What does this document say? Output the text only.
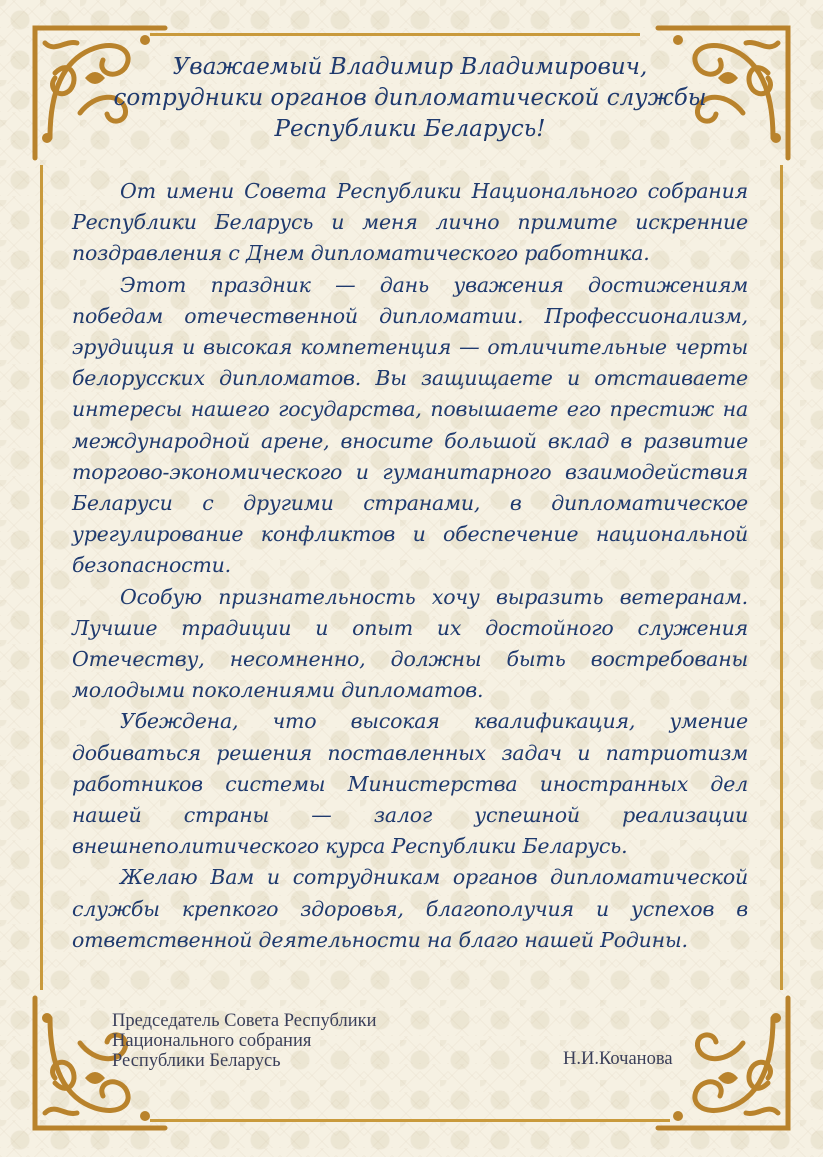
Уважаемый Владимир Владимирович,
сотрудники органов дипломатической службы
Республики Беларусь!

От имени Совета Республики Национального собрания Республики Беларусь и меня лично примите искренние поздравления с Днем дипломатического работника.

Этот праздник — дань уважения достижениям победам отечественной дипломатии. Профессионализм, эрудиция и высокая компетенция — отличительные черты белорусских дипломатов. Вы защищаете и отстаиваете интересы нашего государства, повышаете его престиж на международной арене, вносите большой вклад в развитие торгово-экономического и гуманитарного взаимодействия Беларуси с другими странами, в дипломатическое урегулирование конфликтов и обеспечение национальной безопасности.

Особую признательность хочу выразить ветеранам. Лучшие традиции и опыт их достойного служения Отечеству, несомненно, должны быть востребованы молодыми поколениями дипломатов.

Убеждена, что высокая квалификация, умение добиваться решения поставленных задач и патриотизм работников системы Министерства иностранных дел нашей страны — залог успешной реализации внешнеполитического курса Республики Беларусь.

Желаю Вам и сотрудникам органов дипломатической службы крепкого здоровья, благополучия и успехов в ответственной деятельности на благо нашей Родины.

Председатель Совета Республики
Национального собрания
Республики Беларусь	Н.И.Кочанова
